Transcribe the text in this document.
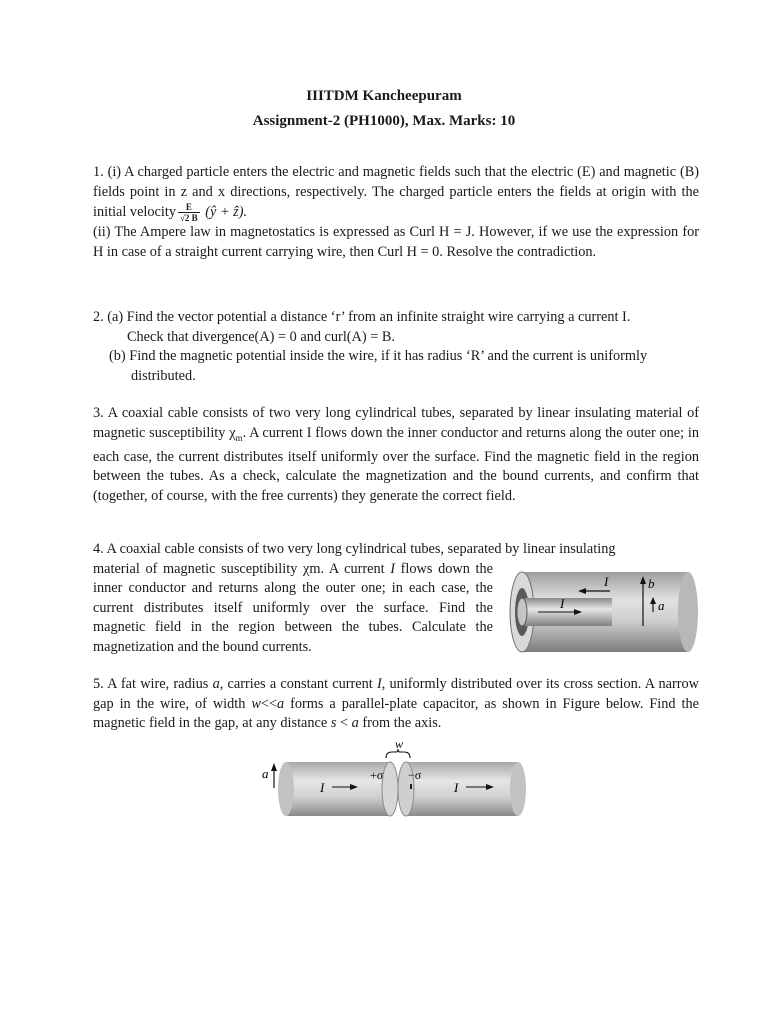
IIITDM Kancheepuram
Assignment-2 (PH1000), Max. Marks: 10

1. (i) A charged particle enters the electric and magnetic fields such that the electric (E) and magnetic (B) fields point in z and x directions, respectively. The charged particle enters the fields at origin with the initial velocity $\frac{E}{√2 B}$ (ŷ + ẑ).

(ii) The Ampere law in magnetostatics is expressed as Curl H = J. However, if we use the expression for H in case of a straight current carrying wire, then Curl H = 0. Resolve the contradiction.

2. (a) Find the vector potential a distance ‘r’ from an infinite straight wire carrying a current I.

Check that divergence(A) = 0 and curl(A) = B.

(b) Find the magnetic potential inside the wire, if it has radius ‘R’ and the current is uniformly

distributed.

3. A coaxial cable consists of two very long cylindrical tubes, separated by linear insulating material of magnetic susceptibility $\chi_m$. A current I flows down the inner conductor and returns along the outer one; in each case, the current distributes itself uniformly over the surface. Find the magnetic field in the region between the tubes. As a check, calculate the magnetization and the bound currents, and confirm that (together, of course, with the free currents) they generate the correct field.

4. A coaxial cable consists of two very long cylindrical tubes, separated by linear insulating

material of magnetic susceptibility χm. A current I flows down the inner conductor and returns along the outer one; in each case, the current distributes itself uniformly over the surface. Find the magnetic field in the region between the tubes. Calculate the magnetization and the bound currents.

I
I
b
a

5. A fat wire, radius a, carries a constant current I, uniformly distributed over its cross section. A narrow gap in the wire, of width w<<a forms a parallel-plate capacitor, as shown in Figure below. Find the magnetic field in the gap, at any distance s < a from the axis.

a
I	I
+σ −σ
w
